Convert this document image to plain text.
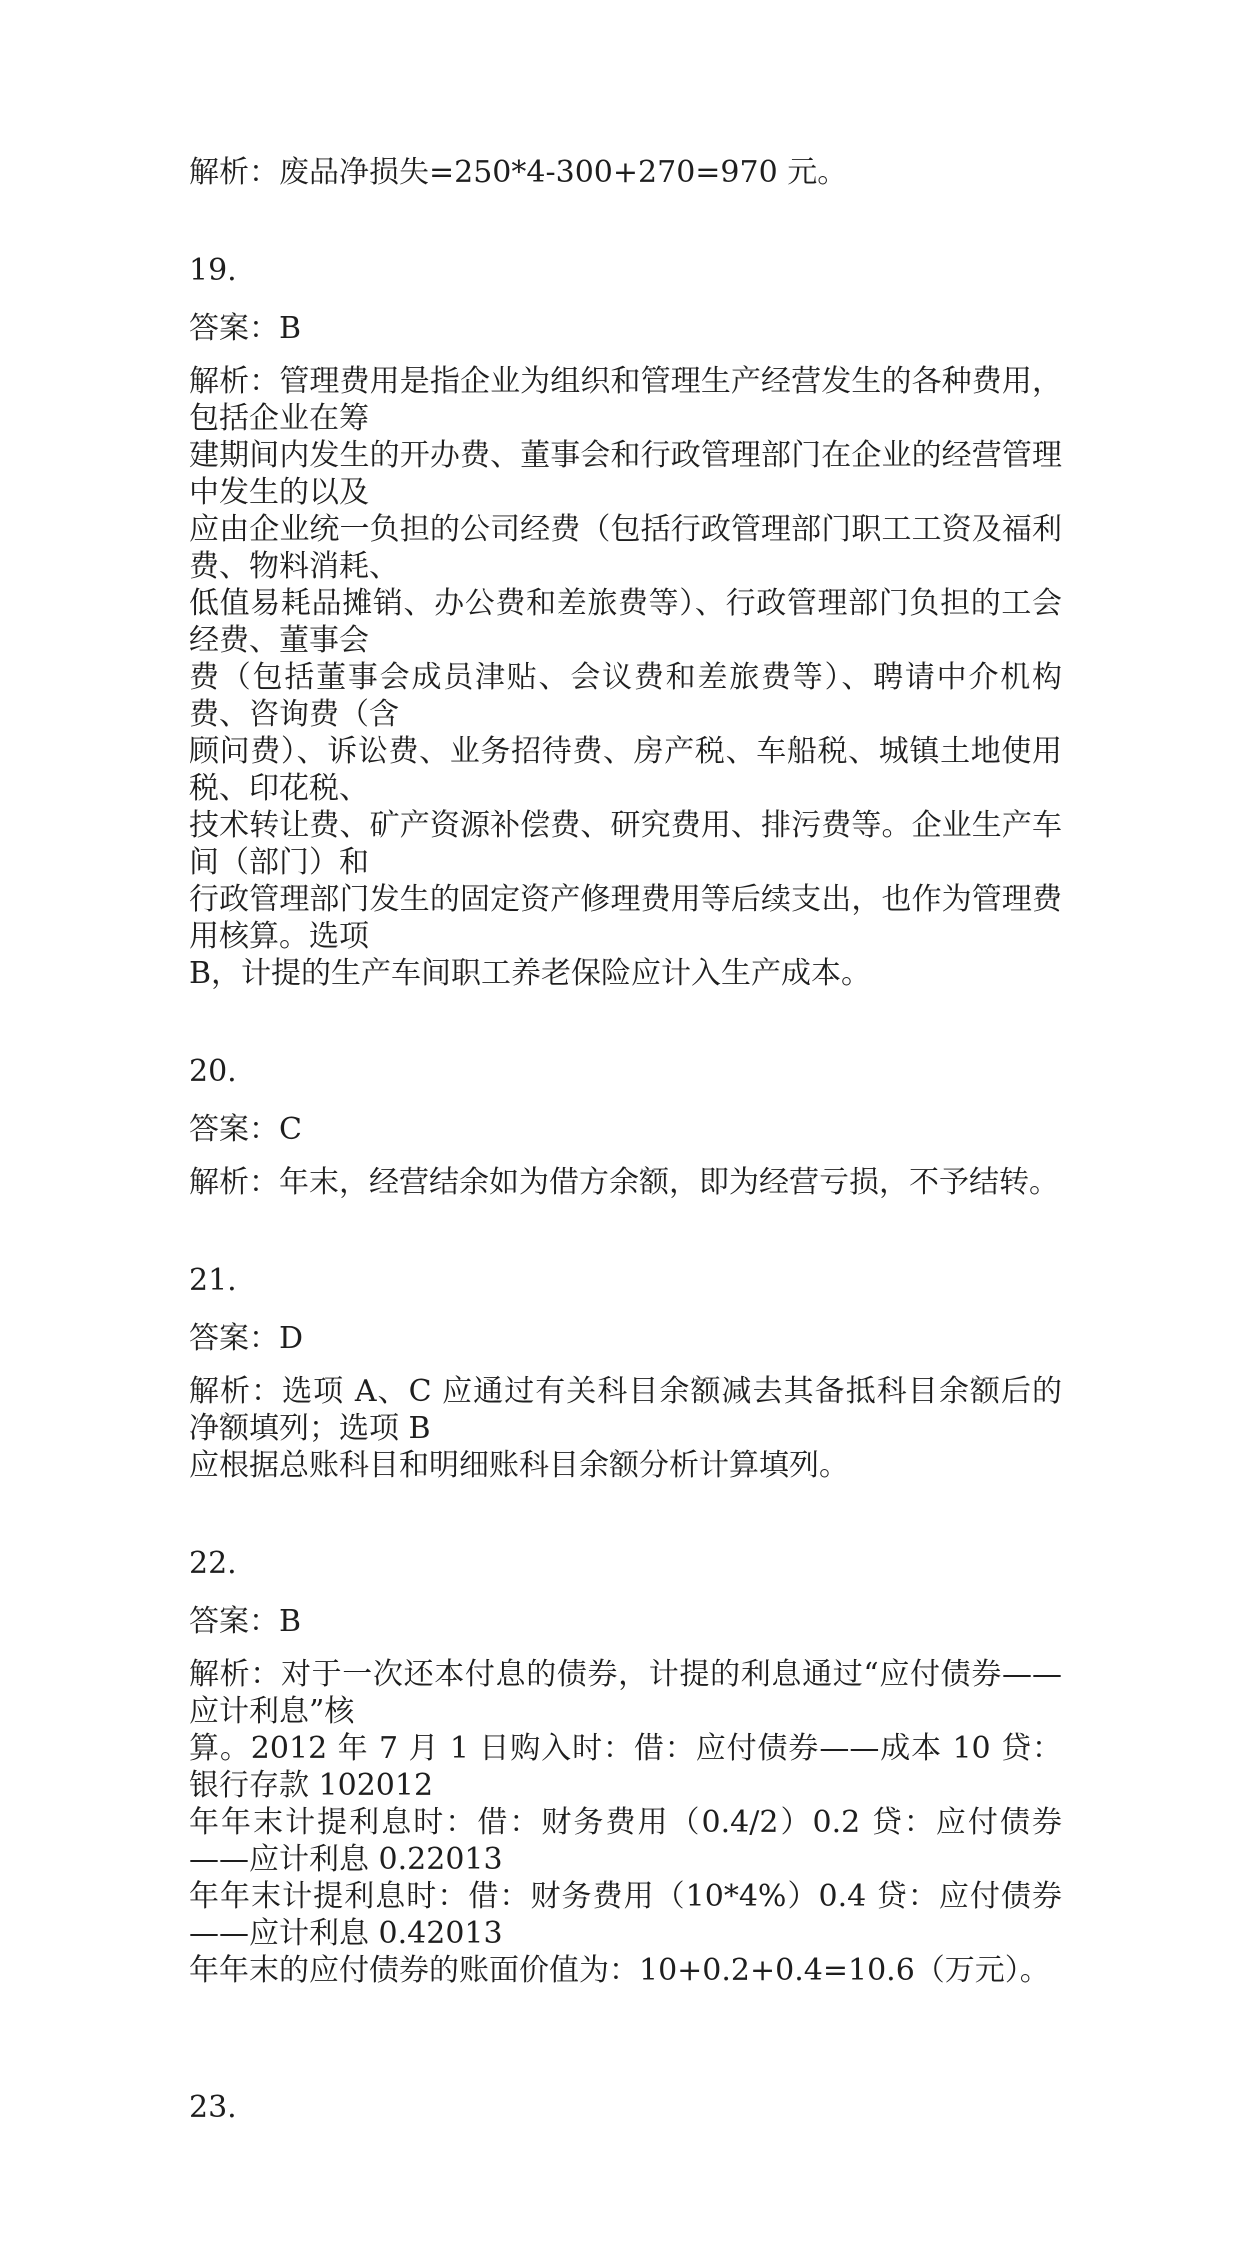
解析：废品净损失=250*4-300+270=970 元。
19.
答案：B
解析：管理费用是指企业为组织和管理生产经营发生的各种费用，包括企业在筹
建期间内发生的开办费、董事会和行政管理部门在企业的经营管理中发生的以及
应由企业统一负担的公司经费（包括行政管理部门职工工资及福利费、物料消耗、
低值易耗品摊销、办公费和差旅费等）、行政管理部门负担的工会经费、董事会
费（包括董事会成员津贴、会议费和差旅费等）、聘请中介机构费、咨询费（含
顾问费）、诉讼费、业务招待费、房产税、车船税、城镇土地使用税、印花税、
技术转让费、矿产资源补偿费、研究费用、排污费等。企业生产车间（部门）和
行政管理部门发生的固定资产修理费用等后续支出，也作为管理费用核算。选项
B，计提的生产车间职工养老保险应计入生产成本。
20.
答案：C
解析：年末，经营结余如为借方余额，即为经营亏损，不予结转。
21.
答案：D
解析：选项 A、C 应通过有关科目余额减去其备抵科目余额后的净额填列；选项 B
应根据总账科目和明细账科目余额分析计算填列。
22.
答案：B
解析：对于一次还本付息的债券，计提的利息通过“应付债券——应计利息”核
算。2012 年 7 月 1 日购入时：借：应付债券——成本 10 贷：银行存款 102012
年年末计提利息时：借：财务费用（0.4/2）0.2 贷：应付债券——应计利息 0.22013
年年末计提利息时：借：财务费用（10*4%）0.4 贷：应付债券——应计利息 0.42013
年年末的应付债券的账面价值为：10+0.2+0.4=10.6（万元）。
23.
